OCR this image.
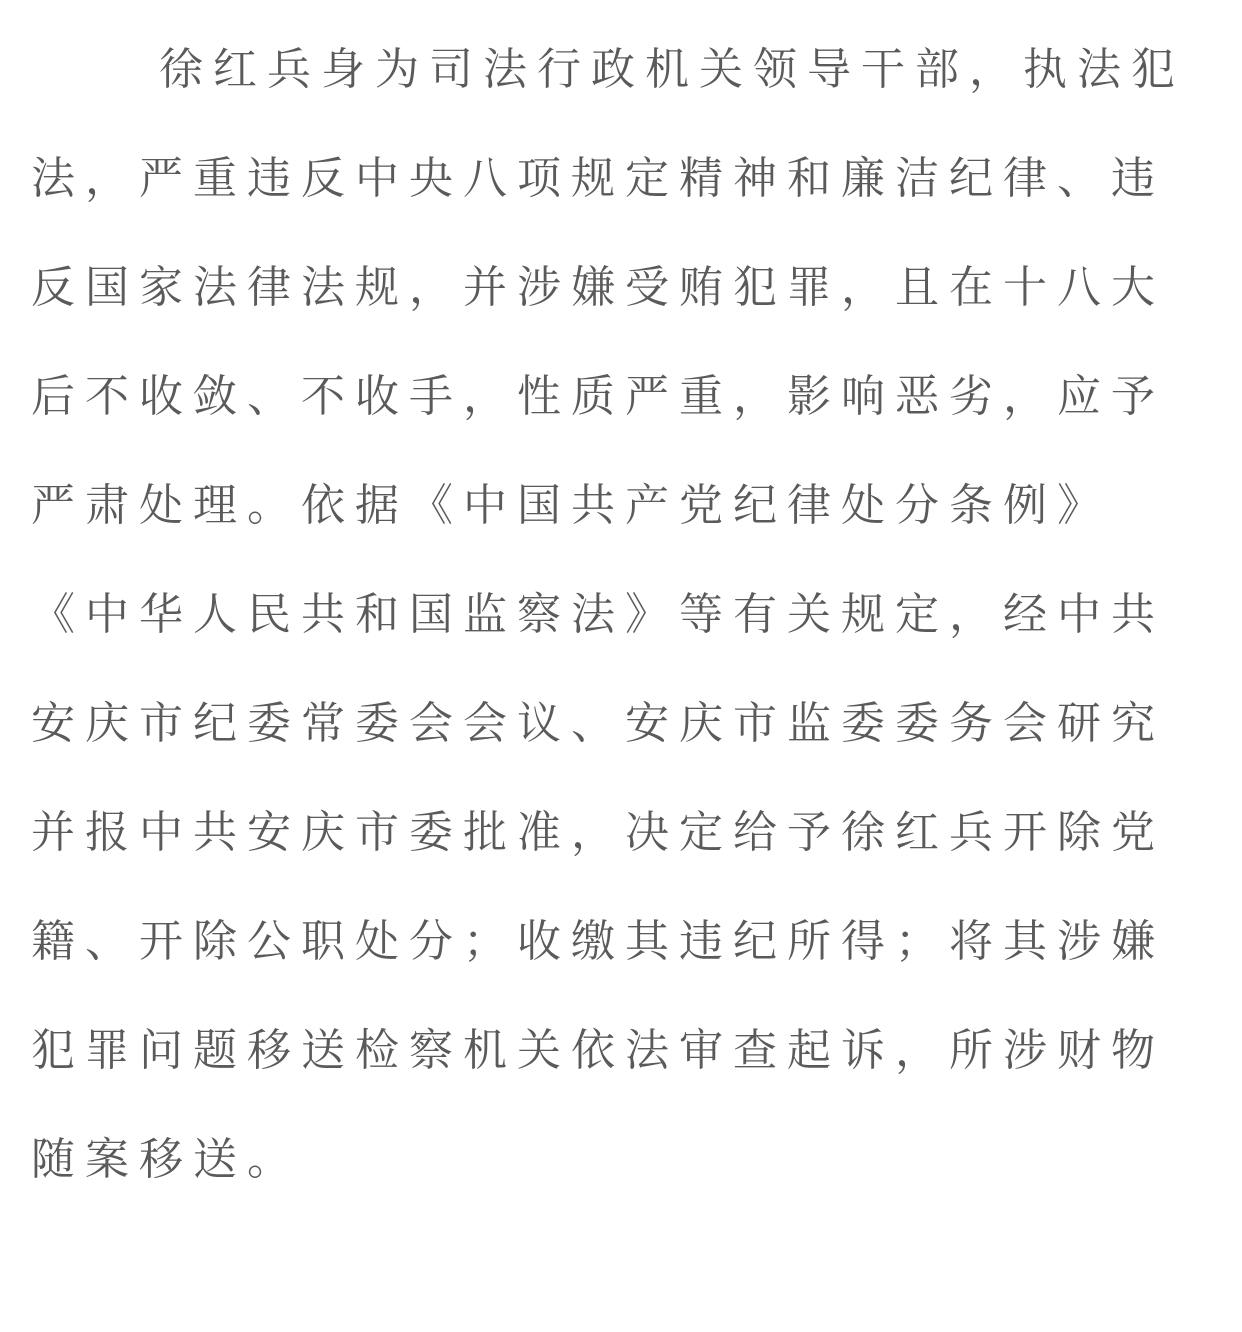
徐红兵身为司法行政机关领导干部，执法犯
法，严重违反中央八项规定精神和廉洁纪律、违
反国家法律法规，并涉嫌受贿犯罪，且在十八大
后不收敛、不收手，性质严重，影响恶劣，应予
严肃处理。依据《中国共产党纪律处分条例》
《中华人民共和国监察法》等有关规定，经中共
安庆市纪委常委会会议、安庆市监委委务会研究
并报中共安庆市委批准，决定给予徐红兵开除党
籍、开除公职处分；收缴其违纪所得；将其涉嫌
犯罪问题移送检察机关依法审查起诉，所涉财物
随案移送。
